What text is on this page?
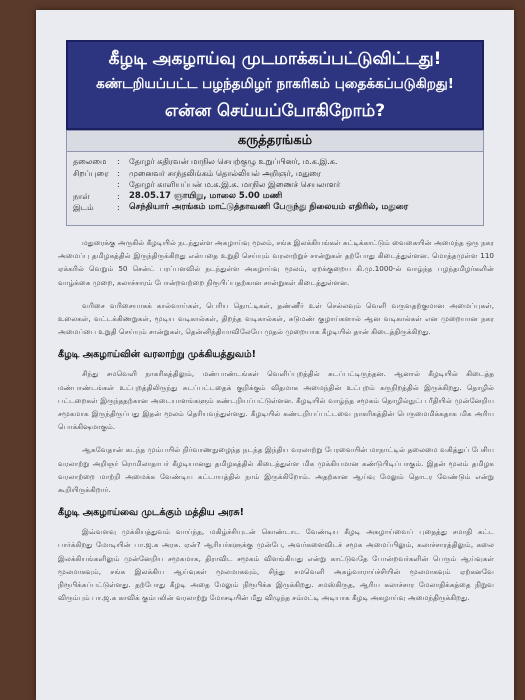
கீழடி அகழாய்வு முடமாக்கப்பட்டுவிட்டது!
கண்டறியப்பட்ட பழந்தமிழர் நாகரிகம் புதைக்கப்படுகிறது!
என்ன செய்யப்போகிறோம்?
கருத்தரங்கம்
தலைமை	:	தோழர் கதிரவன் மாநில செயற்குழு உறுப்பினர், ம.க.இ.க.
சிறப்புரை	:	முனைவர் சாந்தலிங்கம் தொல்லியல் அறிஞர், மதுரை
:	தோழர் காளியப்பன் ம.க.இ.க. மாநில இணைச் செயலாளர்
நாள்	:	28.05.17 ஞாயிறு, மாலை 5.00 மணி
இடம்	:	செந்தியார் அரங்கம் மாட்டுத்தாவணி பேருந்து நிலையம் எதிரில், மதுரை

மதுரைக்கு அருகில் கீழடியில் நடந்துள்ள அகழாய்வு மூலம், சங்க இலக்கியங்கள் சுட்டிக்காட்டும் வைகையின் அமைந்த ஒரு நகர அமைப்பு தமிழகத்தில் இருந்திருக்கிறது என்பதை உறுதி செய்யும் வரலாற்றுச் சான்றுகள் தற்போது கிடைத்துள்ளன. மொத்தமுள்ள 110 ஏக்கரில் வெறும் 50 சென்ட் பரப்பளவில் நடந்துள்ள அகழாய்வு மூலம், ஏறக்குறைய கி.மு.1000-ல் வாழ்ந்த பழந்தமிழர்களின் வாழ்க்கை முறை, கலாச்சாரம் போன்றவற்றை நிரூபிப்பதற்கான சான்றுகள் கிடைத்துள்ளன.

வரிசை வரிசையாகக் கால்வாய்கள், பெரிய தொட்டிகள், தண்ணீர் உள் செல்லவும் வெளி வருவதற்குமான அமைப்புகள், உலைகள், வட்டக்கிணறுகள், மூடிய வடிகால்கள், திறந்த வடிகால்கள், சுடுமண் குழாய்களால் ஆன வடிகால்கள் என முறையான நகர அமைப்பை உறுதி செய்யும் சான்றுகள், தென்னிந்தியாவிலேயே முதல் முறையாக கீழடியில் தான் கிடைத்திருக்கிறது.

கீழடி அகழாய்வின் வரலாற்று முக்கியத்துவம்!

சிந்து சமவெளி நாகரிகத்திலும், மண்பாண்டங்கள் வெளிப்புறத்தில் சுடப்பட்டிருந்தன. ஆனால் கீழடியில் கிடைத்த மண்பாண்டங்கள் உட்புறத்திலிருந்து சுடப்பட்டதைக் குறிக்கும் விதமாக அமைந்தின் உட்புறம் கருநிறத்தில் இருக்கிறது. தொழில் பட்டறைகள் இருந்ததற்கான அடையாளங்களும் கண்டறியப்பட்டுள்ளன. கீழடியில் வாழ்ந்த சமூகம் தொழில்நுட்ப ரீதியில் முன்னேறிய சமூகமாக இருந்திருப்பது இதன் மூலம் தெரியவந்துள்ளது. கீழடியில் கண்டறியப்பட்டவை நாகரிகத்தின் பெருமைமிக்கதாக மிக அரிய பொக்கிஷமாகும்.

ஆகவேதான் கடந்த மும்பயில் நிர்வாணநுழைந்த நடந்த இந்திய வரலாற்று பேரவையின் மாநாட்டில் தலைமை வகித்துப் பேசிய வரலாற்று அறிஞர் ரொமிலாதாபர் கீழடியானது தமிழகத்தில் கிடைத்துள்ள மிக முக்கியமான கண்டுபிடிப்பாகும். இதன் மூலம் தமிழக வரலாற்றை மாற்றி அமைக்க வேண்டிய கட்டாயத்தில் நாம் இருக்கிறோம். அதற்கான ஆய்வு மேலும் தொடர வேண்டும் என்று கூறியிருக்கிறார்.

கீழடி அகழாய்வை முடக்கும் மத்திய அரசு!

இவ்வளவு முக்கியத்துவம் வாய்ந்த, மகிழ்ச்சியுடன் கொண்டாட வேண்டிய கீழடி அகழாய்வைப் புதைத்து சமாதி கட்ட பார்க்கிறது மோடியின் பா.ஜ.க அரசு. ஏன்? ஆரியர்களுக்கு முன்பே, அவர்களைவிடச் சமூக அமைப்பிலும், கலாச்சாரத்திலும், கலை இலக்கியங்களிலும் முன்னேறிய சமூகமாக, திராவிட சமூகம் விளங்கியது என்று காட்டுவதே போன்றவர்களின் பெரும் ஆய்வுகள் மூலமாகவும், சங்க இலக்கிய ஆய்வுகள் மூலமாகவும், சிந்து சமவெளி அகழ்வாராய்ச்சியின் மூலமாகவும் ஏற்கனவே நிரூபிக்கப்பட்டுள்ளது. தற்போது கீழடி அதை மேலும் நிரூபிக்க இருக்கிறது. சமஸ்கிருத, ஆரிய கலாச்சார மேலாதிக்கத்தை நிறுவ விரும்பும் பா.ஜ.க காவிக் கும்பலின் வரலாற்று மோசடியின் மீது விழுந்த சம்மட்டி அடியாக கீழடி அகழாய்வு அமைந்திருக்கிறது.
